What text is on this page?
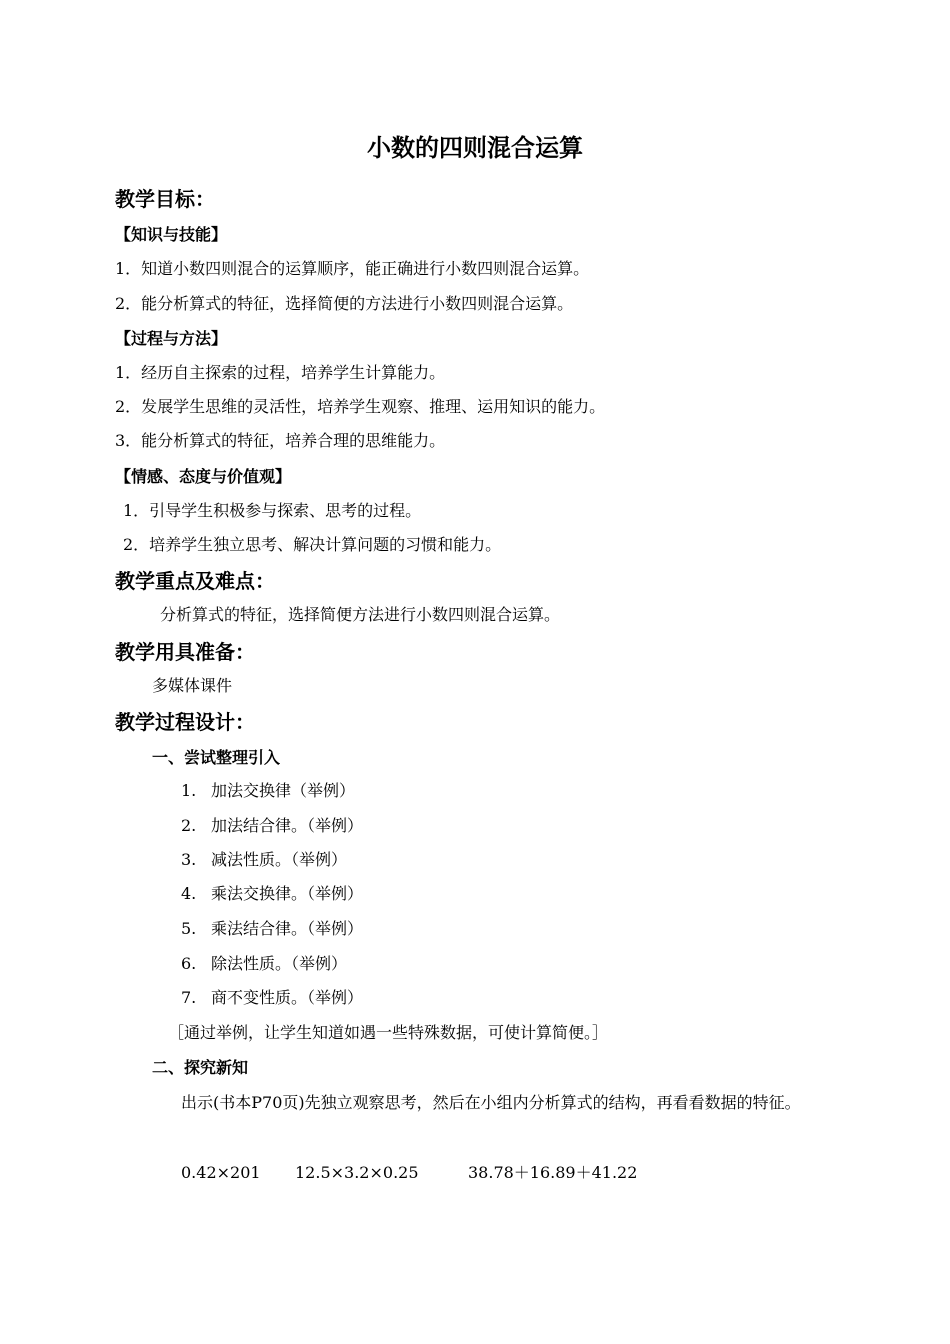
小数的四则混合运算
教学目标：
【知识与技能】
1．知道小数四则混合的运算顺序，能正确进行小数四则混合运算。
2．能分析算式的特征，选择简便的方法进行小数四则混合运算。
【过程与方法】
1．经历自主探索的过程，培养学生计算能力。
2．发展学生思维的灵活性，培养学生观察、推理、运用知识的能力。
3．能分析算式的特征，培养合理的思维能力。
【情感、态度与价值观】
1．引导学生积极参与探索、思考的过程。
2．培养学生独立思考、解决计算问题的习惯和能力。
教学重点及难点：
分析算式的特征，选择简便方法进行小数四则混合运算。
教学用具准备：
多媒体课件
教学过程设计：
一、尝试整理引入
1. 加法交换律（举例）
2. 加法结合律。（举例）
3. 减法性质。（举例）
4. 乘法交换律。（举例）
5. 乘法结合律。（举例）
6. 除法性质。（举例）
7. 商不变性质。（举例）
［通过举例，让学生知道如遇一些特殊数据，可使计算简便。］
二、探究新知
出示(书本P70页)先独立观察思考，然后在小组内分析算式的结构，再看看数据的特征。
0.42×201 12.5×3.2×0.25	38.78＋16.89＋41.22
